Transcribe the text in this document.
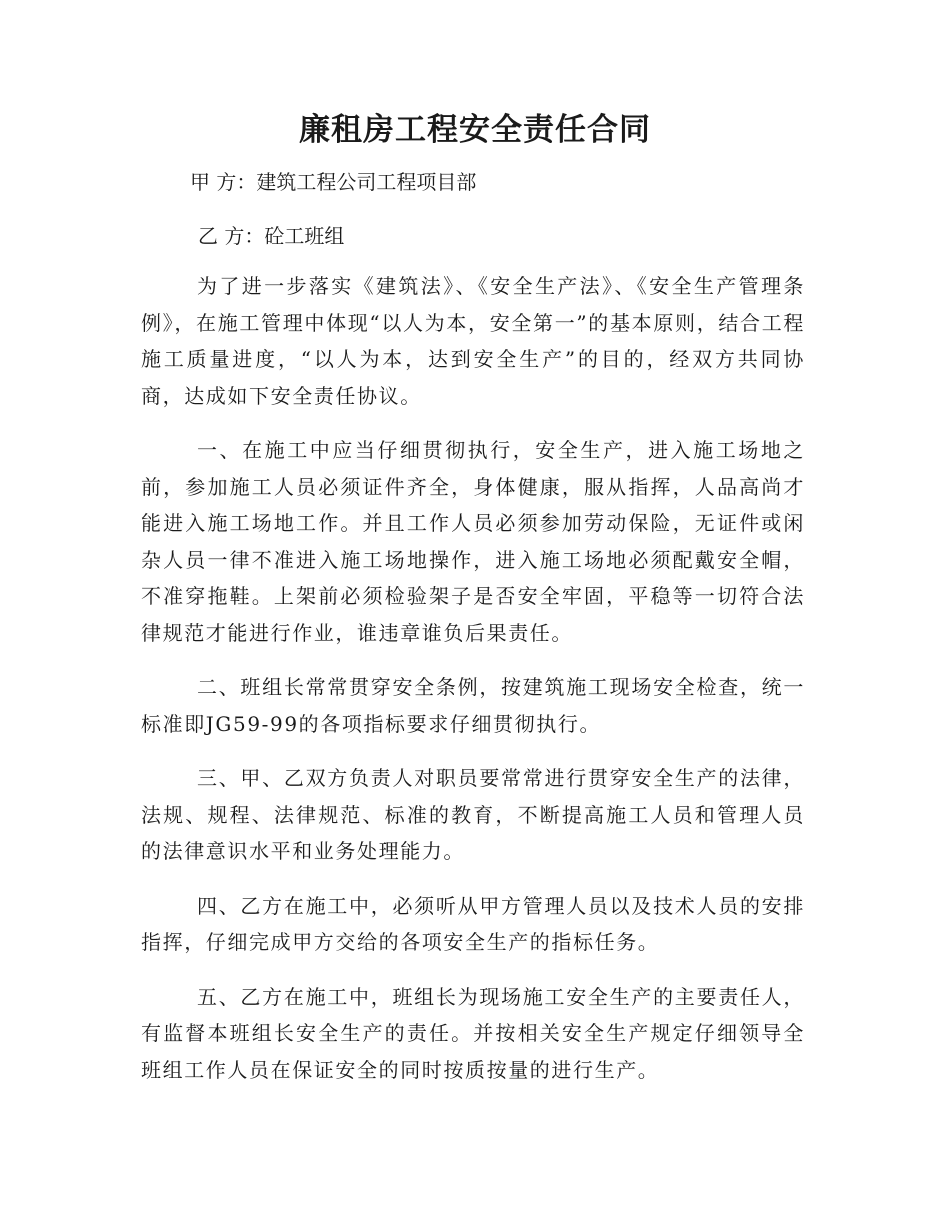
廉租房工程安全责任合同
甲 方：建筑工程公司工程项目部
乙 方：砼工班组

为了进一步落实《建筑法》、《安全生产法》、《安全生产管理条例》，在施工管理中体现“以人为本，安全第一”的基本原则，结合工程施工质量进度，“以人为本，达到安全生产”的目的，经双方共同协商，达成如下安全责任协议。

一、在施工中应当仔细贯彻执行，安全生产，进入施工场地之前，参加施工人员必须证件齐全，身体健康，服从指挥，人品高尚才能进入施工场地工作。并且工作人员必须参加劳动保险，无证件或闲杂人员一律不准进入施工场地操作，进入施工场地必须配戴安全帽，不准穿拖鞋。上架前必须检验架子是否安全牢固，平稳等一切符合法律规范才能进行作业，谁违章谁负后果责任。

二、班组长常常贯穿安全条例，按建筑施工现场安全检查，统一标准即JG59-99的各项指标要求仔细贯彻执行。

三、甲、乙双方负责人对职员要常常进行贯穿安全生产的法律，法规、规程、法律规范、标准的教育，不断提高施工人员和管理人员的法律意识水平和业务处理能力。

四、乙方在施工中，必须听从甲方管理人员以及技术人员的安排指挥，仔细完成甲方交给的各项安全生产的指标任务。

五、乙方在施工中，班组长为现场施工安全生产的主要责任人，有监督本班组长安全生产的责任。并按相关安全生产规定仔细领导全班组工作人员在保证安全的同时按质按量的进行生产。
